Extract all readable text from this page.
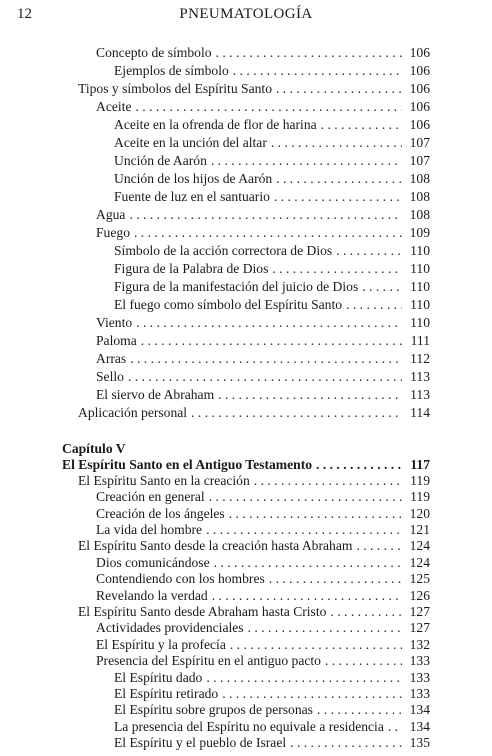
12	PNEUMATOLOGÍA
Concepto de símbolo . . .	106
Ejemplos de símbolo . . .	106
Tipos y símbolos del Espíritu Santo . . .	106
Aceite . . .	106
Aceite en la ofrenda de flor de harina . . .	106
Aceite en la unción del altar . . .	107
Unción de Aarón . . .	107
Unción de los hijos de Aarón . . .	108
Fuente de luz en el santuario . . .	108
Agua . . .	108
Fuego . . .	109
Símbolo de la acción correctora de Dios . . .	110
Figura de la Palabra de Dios . . .	110
Figura de la manifestación del juicio de Dios . . .	110
El fuego como símbolo del Espíritu Santo . . .	110
Viento . . .	110
Paloma . . .	111
Arras . . .	112
Sello . . .	113
El siervo de Abraham . . .	113
Aplicación personal . . .	114
Capítulo V
El Espíritu Santo en el Antiguo Testamento . . .	117
El Espíritu Santo en la creación . . .	119
Creación en general . . .	119
Creación de los ángeles . . .	120
La vida del hombre . . .	121
El Espíritu Santo desde la creación hasta Abraham . . .	124
Dios comunicándose . . .	124
Contendiendo con los hombres . . .	125
Revelando la verdad . . .	126
El Espíritu Santo desde Abraham hasta Cristo . . .	127
Actividades providenciales . . .	127
El Espíritu y la profecía . . .	132
Presencia del Espíritu en el antiguo pacto . . .	133
El Espíritu dado . . .	133
El Espíritu retirado . . .	133
El Espíritu sobre grupos de personas . . .	134
La presencia del Espíritu no equivale a residencia . . . 134
El Espíritu y el pueblo de Israel . . .	135
